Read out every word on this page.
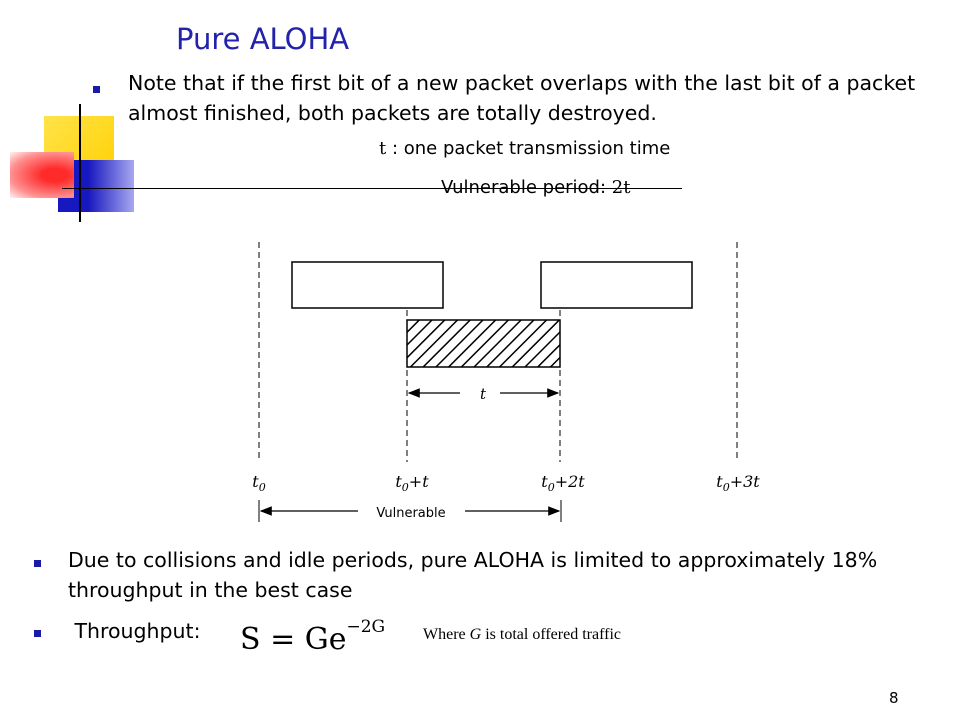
Pure ALOHA
Note that if the first bit of a new packet overlaps with the last bit of a packet almost finished, both packets are totally destroyed.
t : one packet transmission time
Vulnerable period: 2t
t
$t_0$	$t_0+t$	$t_0+2t$	$t_0+3t$
Vulnerable
Due to collisions and idle periods, pure ALOHA is limited to approximately 18% throughput in the best case
Throughput: $S = Ge^{-2G}$ Where G is total offered traffic
8
